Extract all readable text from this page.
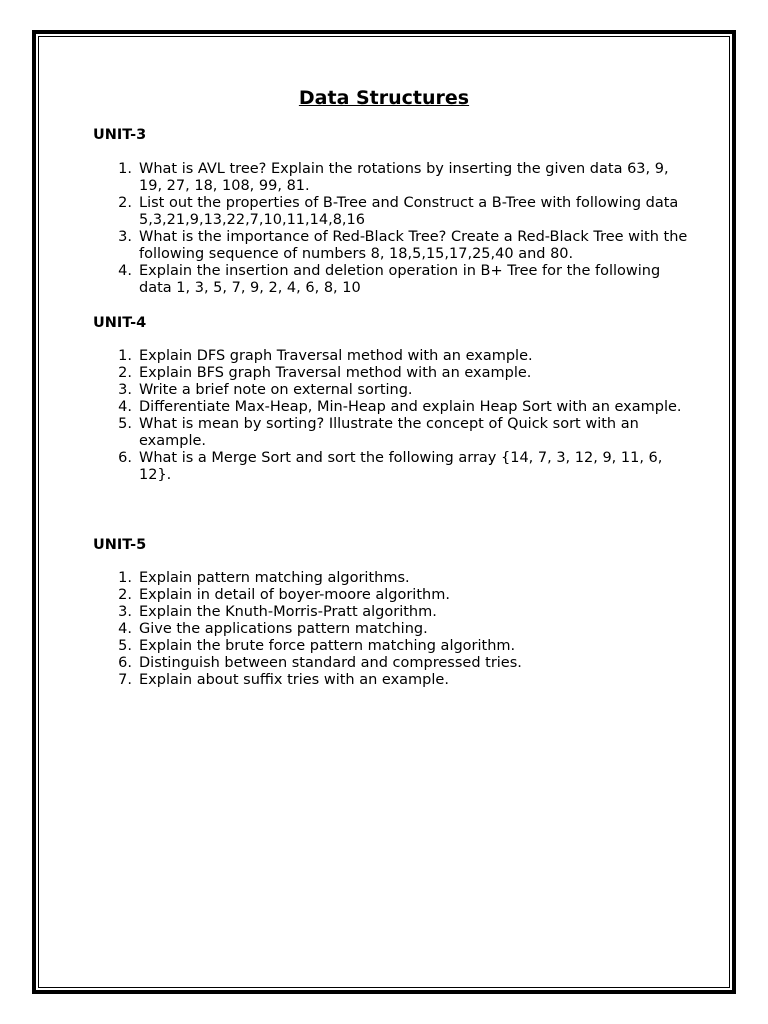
Data Structures
UNIT-3
1. What is AVL tree? Explain the rotations by inserting the given data 63, 9, 19, 27, 18, 108, 99, 81.
2. List out the properties of B-Tree and Construct a B-Tree with following data 5,3,21,9,13,22,7,10,11,14,8,16
3. What is the importance of Red-Black Tree? Create a Red-Black Tree with the following sequence of numbers 8, 18,5,15,17,25,40 and 80.
4. Explain the insertion and deletion operation in B+ Tree for the following data 1, 3, 5, 7, 9, 2, 4, 6, 8, 10
UNIT-4
1. Explain DFS graph Traversal method with an example.
2. Explain BFS graph Traversal method with an example.
3. Write a brief note on external sorting.
4. Differentiate Max-Heap, Min-Heap and explain Heap Sort with an example.
5. What is mean by sorting? Illustrate the concept of Quick sort with an example.
6. What is a Merge Sort and sort the following array {14, 7, 3, 12, 9, 11, 6, 12}.
UNIT-5
1. Explain pattern matching algorithms.
2. Explain in detail of boyer-moore algorithm.
3. Explain the Knuth-Morris-Pratt algorithm.
4. Give the applications pattern matching.
5. Explain the brute force pattern matching algorithm.
6. Distinguish between standard and compressed tries.
7. Explain about suffix tries with an example.
